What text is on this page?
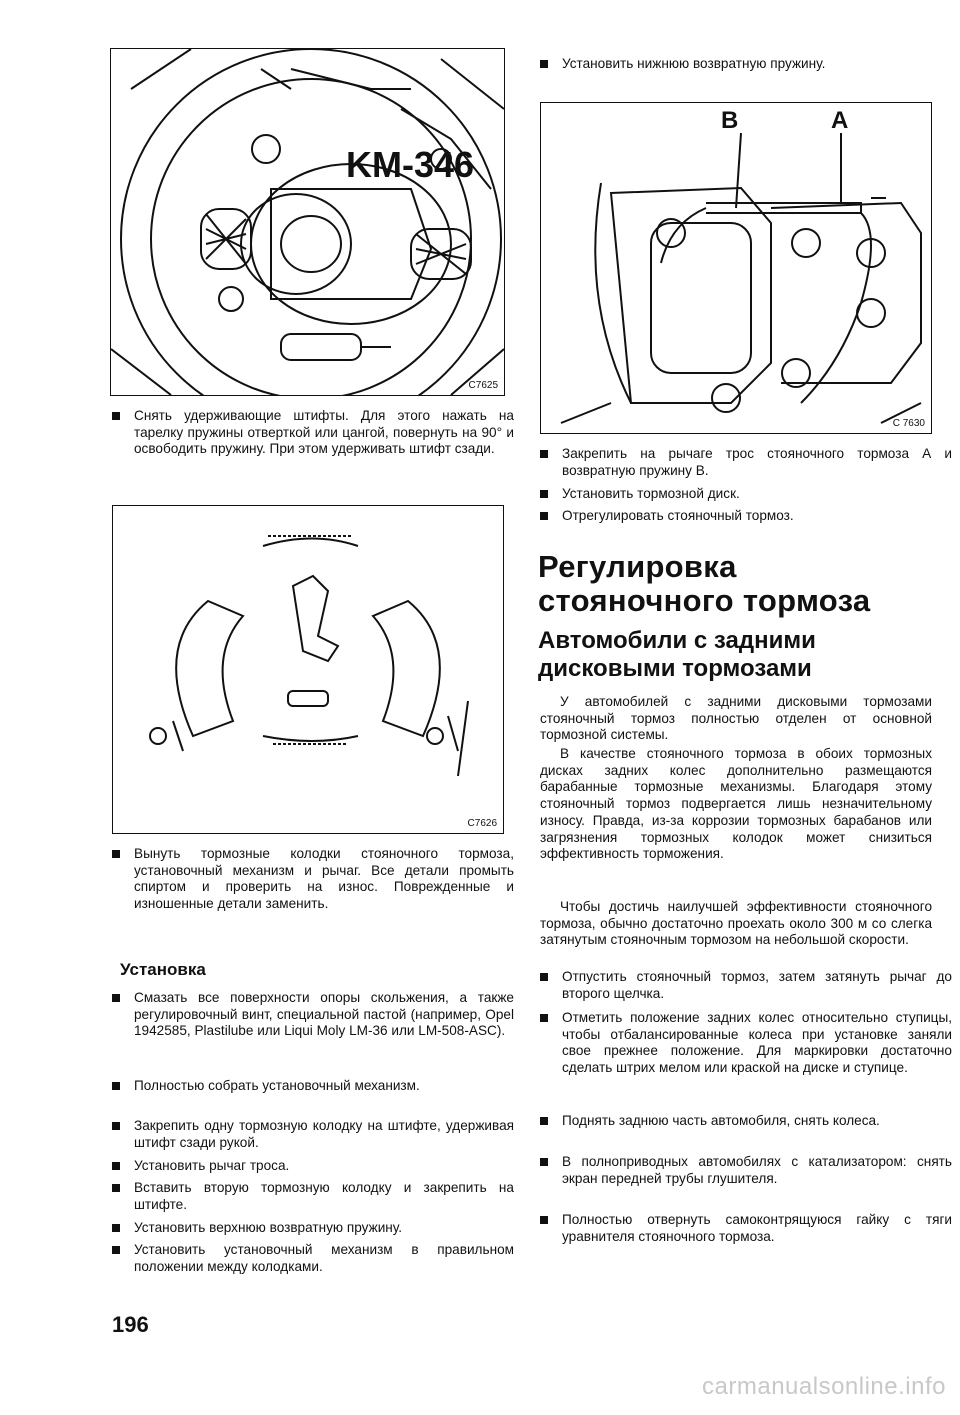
KM-346
C7625
Снять удерживающие штифты. Для этого нажать на тарелку пружины отверткой или цангой, повернуть на 90° и освободить пружину. При этом удерживать штифт сзади.
C7626
Вынуть тормозные колодки стояночного тормоза, установочный механизм и рычаг. Все детали промыть спиртом и проверить на износ. Поврежденные и изношенные детали заменить.
Установка
Смазать все поверхности опоры скольжения, а также регулировочный винт, специальной пастой (например, Opel 1942585, Plastilube или Liqui Moly LM-36 или LM-508-ASC).
Полностью собрать установочный механизм.
Закрепить одну тормозную колодку на штифте, удерживая штифт сзади рукой.
Установить рычаг троса.
Вставить вторую тормозную колодку и закрепить на штифте.
Установить верхнюю возвратную пружину.
Установить установочный механизм в правильном положении между колодками.
196
Установить нижнюю возвратную пружину.
B	A
C 7630
Закрепить на рычаге трос стояночного тормоза А и возвратную пружину В.
Установить тормозной диск.
Отрегулировать стояночный тормоз.
Регулировка
стояночного тормоза
Автомобили с задними
дисковыми тормозами
У автомобилей с задними дисковыми тормозами стояночный тормоз полностью отделен от основной тормозной системы.
В качестве стояночного тормоза в обоих тормозных дисках задних колес дополнительно размещаются барабанные тормозные механизмы. Благодаря этому стояночный тормоз подвергается лишь незначительному износу. Правда, из-за коррозии тормозных барабанов или загрязнения тормозных колодок может снизиться эффективность торможения.
Чтобы достичь наилучшей эффективности стояночного тормоза, обычно достаточно проехать около 300 м со слегка затянутым стояночным тормозом на небольшой скорости.
Отпустить стояночный тормоз, затем затянуть рычаг до второго щелчка.
Отметить положение задних колес относительно ступицы, чтобы отбалансированные колеса при установке заняли свое прежнее положение. Для маркировки достаточно сделать штрих мелом или краской на диске и ступице.
Поднять заднюю часть автомобиля, снять колеса.
В полноприводных автомобилях с катализатором: снять экран передней трубы глушителя.
Полностью отвернуть самоконтрящуюся гайку с тяги уравнителя стояночного тормоза.
carmanualsonline.info
